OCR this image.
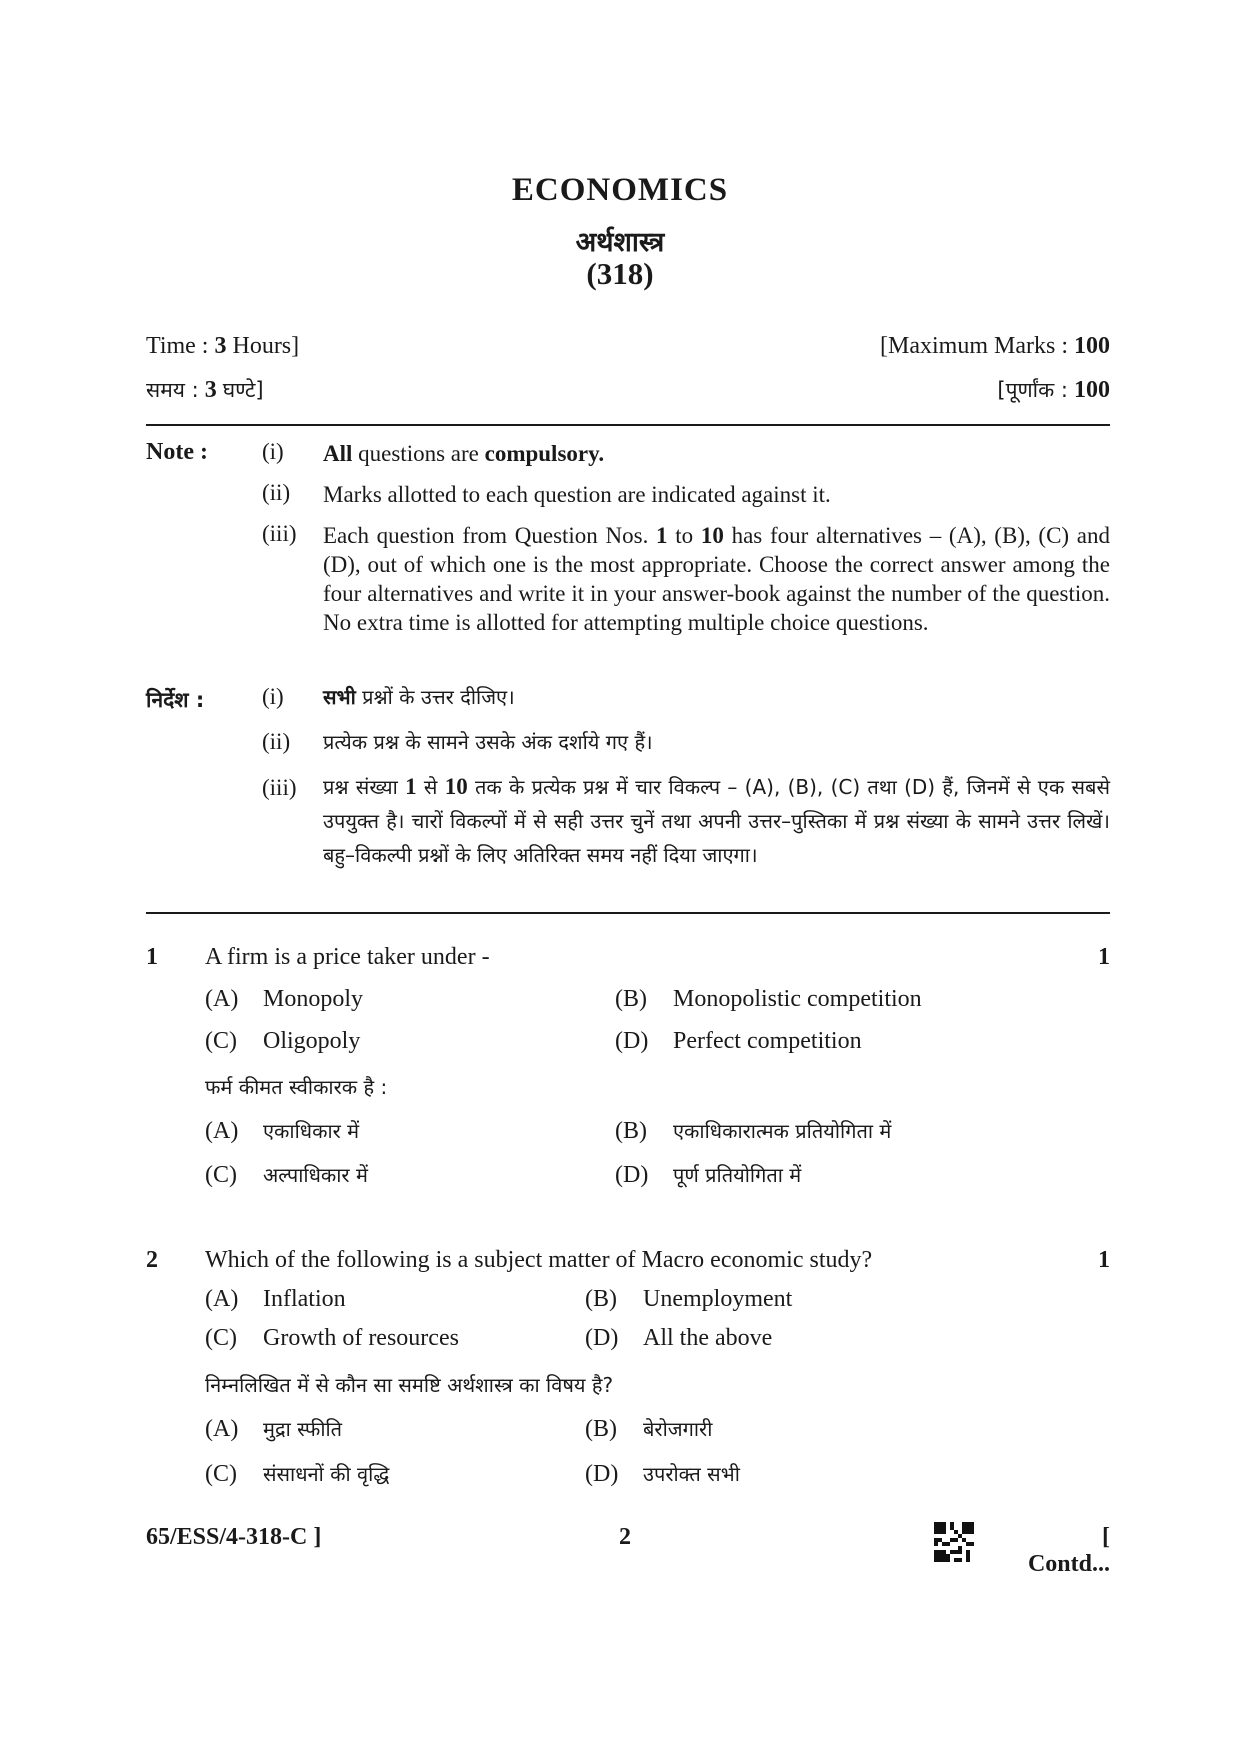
ECONOMICS
अर्थशास्त्र
(318)
Time : 3 Hours]	[Maximum Marks : 100
समय : 3 घण्टे]	[पूर्णांक : 100
Note : (i) All questions are compulsory.
(ii) Marks allotted to each question are indicated against it.
(iii) Each question from Question Nos. 1 to 10 has four alternatives – (A), (B), (C) and (D), out of which one is the most appropriate. Choose the correct answer among the four alternatives and write it in your answer-book against the number of the question. No extra time is allotted for attempting multiple choice questions.
निर्देश :	(i) सभी प्रश्नों के उत्तर दीजिए।
(ii) प्रत्येक प्रश्न के सामने उसके अंक दर्शाये गए हैं।
(iii) प्रश्न संख्या 1 से 10 तक के प्रत्येक प्रश्न में चार विकल्प – (A), (B), (C) तथा (D) हैं, जिनमें से एक सबसे उपयुक्त है। चारों विकल्पों में से सही उत्तर चुनें तथा अपनी उत्तर–पुस्तिका में प्रश्न संख्या के सामने उत्तर लिखें। बहु–विकल्पी प्रश्नों के लिए अतिरिक्त समय नहीं दिया जाएगा।
1 A firm is a price taker under -	1
(A) Monopoly	(B) Monopolistic competition
(C) Oligopoly	(D) Perfect competition
फर्म कीमत स्वीकारक है :
(A) एकाधिकार में	(B) एकाधिकारात्मक प्रतियोगिता में
(C) अल्पाधिकार में	(D) पूर्ण प्रतियोगिता में
2 Which of the following is a subject matter of Macro economic study?	1
(A) Inflation	(B) Unemployment
(C) Growth of resources	(D) All the above
निम्नलिखित में से कौन सा समष्टि अर्थशास्त्र का विषय है?
(A) मुद्रा स्फीति	(B) बेरोजगारी
(C) संसाधनों की वृद्धि	(D) उपरोक्त सभी
65/ESS/4-318-C ]	2	[ Contd...
